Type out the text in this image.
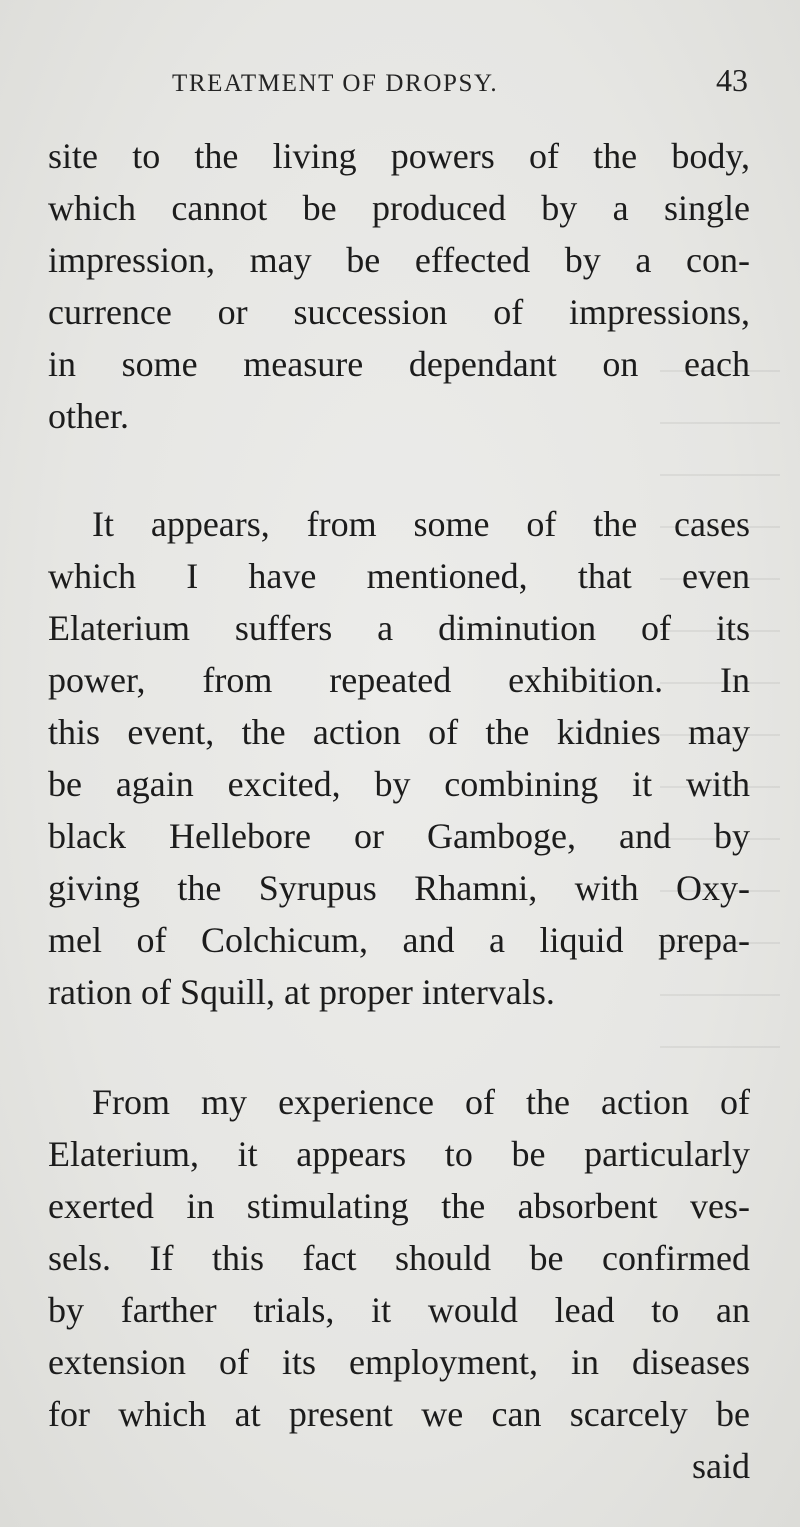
TREATMENT OF DROPSY.	43
site to the living powers of the body,
which cannot be produced by a single
impression, may be effected by a con-
currence or succession of impressions,
in some measure dependant on each
other.
It appears, from some of the cases
which I have mentioned, that even
Elaterium suffers a diminution of its
power, from repeated exhibition. In
this event, the action of the kidnies may
be again excited, by combining it with
black Hellebore or Gamboge, and by
giving the Syrupus Rhamni, with Oxy-
mel of Colchicum, and a liquid prepa-
ration of Squill, at proper intervals.
From my experience of the action of
Elaterium, it appears to be particularly
exerted in stimulating the absorbent ves-
sels. If this fact should be confirmed
by farther trials, it would lead to an
extension of its employment, in diseases
for which at present we can scarcely be
said
